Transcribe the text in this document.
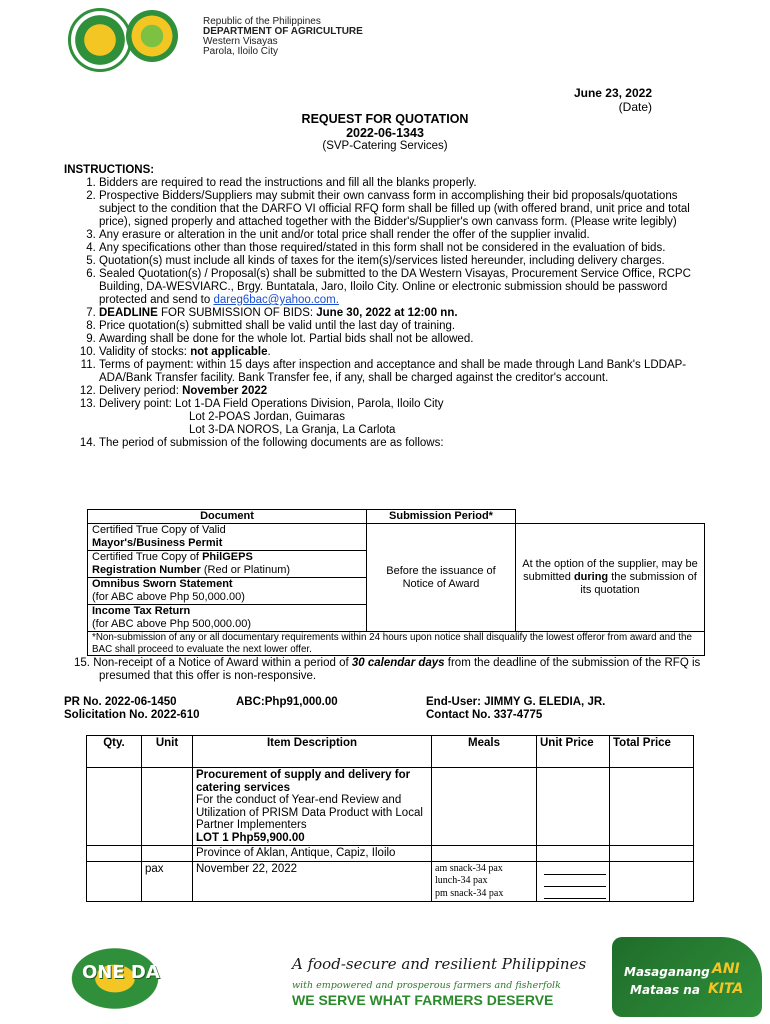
Republic of the Philippines
DEPARTMENT OF AGRICULTURE
Western Visayas
Parola, Iloilo City
June 23, 2022
(Date)
REQUEST FOR QUOTATION
2022-06-1343
(SVP-Catering Services)
INSTRUCTIONS:
1. Bidders are required to read the instructions and fill all the blanks properly.
2. Prospective Bidders/Suppliers may submit their own canvass form in accomplishing their bid proposals/quotations subject to the condition that the DARFO VI official RFQ form shall be filled up (with offered brand, unit price and total price), signed properly and attached together with the Bidder's/Supplier's own canvass form. (Please write legibly)
3. Any erasure or alteration in the unit and/or total price shall render the offer of the supplier invalid.
4. Any specifications other than those required/stated in this form shall not be considered in the evaluation of bids.
5. Quotation(s) must include all kinds of taxes for the item(s)/services listed hereunder, including delivery charges.
6. Sealed Quotation(s) / Proposal(s) shall be submitted to the DA Western Visayas, Procurement Service Office, RCPC Building, DA-WESVIARC., Brgy. Buntatala, Jaro, Iloilo City. Online or electronic submission should be password protected and send to dareg6bac@yahoo.com.
7. DEADLINE FOR SUBMISSION OF BIDS: June 30, 2022 at 12:00 nn.
8. Price quotation(s) submitted shall be valid until the last day of training.
9. Awarding shall be done for the whole lot. Partial bids shall not be allowed.
10. Validity of stocks: not applicable.
11. Terms of payment: within 15 days after inspection and acceptance and shall be made through Land Bank's LDDAP-ADA/Bank Transfer facility. Bank Transfer fee, if any, shall be charged against the creditor's account.
12. Delivery period: November 2022
13. Delivery point: Lot 1-DA Field Operations Division, Parola, Iloilo City
Lot 2-POAS Jordan, Guimaras
Lot 3-DA NOROS, La Granja, La Carlota
14. The period of submission of the following documents are as follows:
Document	Submission Period*	

Certified True Copy of Valid
Mayor's/Business Permit	Before the issuance of Notice of Award	At the option of the supplier, may be submitted during the submission of its quotation
Certified True Copy of PhilGEPS
Registration Number (Red or Platinum)		
Omnibus Sworn Statement
(for ABC above Php 50,000.00)		

Income Tax Return
(for ABC above Php 500,000.00)		

*Non-submission of any or all documentary requirements within 24 hours upon notice shall disqualify the lowest offeror from award and the BAC shall proceed to evaluate the next lower offer.		
15. Non-receipt of a Notice of Award within a period of 30 calendar days from the deadline of the submission of the RFQ is presumed that this offer is non-responsive.
PR No. 2022-06-1450	ABC:Php91,000.00
Solicitation No. 2022-610
End-User: JIMMY G. ELEDIA, JR.
Contact No. 337-4775
Qty.	Unit	Item Description	Meals	Unit Price	Total Price
		Procurement of supply and delivery for catering services
For the conduct of Year-end Review and Utilization of PRISM Data Product with Local Partner Implementers
LOT 1 Php59,900.00			
		Province of Aklan, Antique, Capiz, Iloilo			
	pax	November 22, 2022	am snack-34 pax
lunch-34 pax
pm snack-34 pax		

ONE DA	A food-secure and resilient Philippines
with empowered and prosperous farmers and fisherfolk
WE SERVE WHAT FARMERS DESERVE
Masaganang ANI
Mataas na KITA
